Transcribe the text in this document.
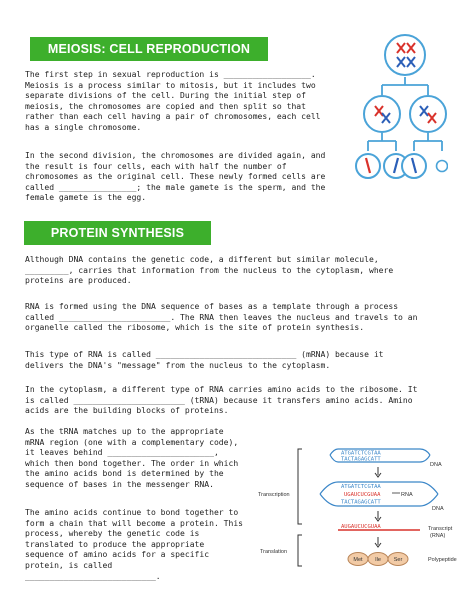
MEIOSIS: CELL REPRODUCTION

The first step in sexual reproduction is __________________.
Meiosis is a process similar to mitosis, but it includes two
separate divisions of the cell. During the initial step of
meiosis, the chromosomes are copied and then split so that
rather than each cell having a pair of chromosomes, each cell
has a single chromosome.

In the second division, the chromosomes are divided again, and
the result is four cells, each with half the number of
chromosomes as the original cell. These newly formed cells are
called ________________; the male gamete is the sperm, and the
female gamete is the egg.

PROTEIN SYNTHESIS

Although DNA contains the genetic code, a different but similar molecule,
_________, carries that information from the nucleus to the cytoplasm, where
proteins are produced.

RNA is formed using the DNA sequence of bases as a template through a process
called _______________________. The RNA then leaves the nucleus and travels to an
organelle called the ribosome, which is the site of protein synthesis.

This type of RNA is called _____________________________ (mRNA) because it
delivers the DNA's "message" from the nucleus to the cytoplasm.

In the cytoplasm, a different type of RNA carries amino acids to the ribosome. It
is called _______________________ (tRNA) because it transfers amino acids. Amino
acids are the building blocks of proteins.

As the tRNA matches up to the appropriate
mRNA region (one with a complementary code),
it leaves behind ______________________,
which then bond together. The order in which
the amino acids bond is determined by the
sequence of bases in the messenger RNA.

The amino acids continue to bond together to
form a chain that will become a protein. This
process, whereby the genetic code is
translated to produce the appropriate
sequence of amino acids for a specific
protein, is called
___________________________.

ATGATCTCGTAA
TACTAGAGCATT
DNA
ATGATCTCGTAA
UGAUCUCGUAA
TACTAGAGCATT
RNA
DNA
Transcription
AUGAUCUCGUAA	Transcript
(RNA)
Translation
Met Ile Ser	Polypeptide
